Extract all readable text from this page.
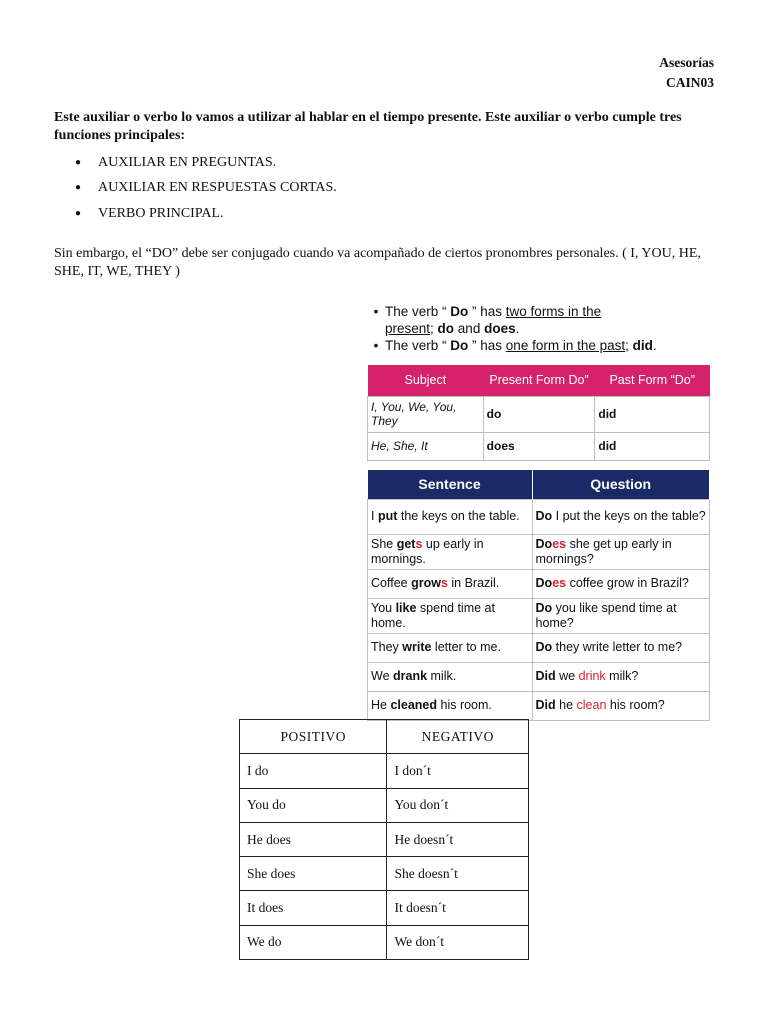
Asesorías
CAIN03

Este auxiliar o verbo lo vamos a utilizar al hablar en el tiempo presente. Este auxiliar o verbo cumple tres funciones principales:

●	AUXILIAR EN PREGUNTAS.
●	AUXILIAR EN RESPUESTAS CORTAS.
●	VERBO PRINCIPAL.

Sin embargo, el “DO” debe ser conjugado cuando va acompañado de ciertos pronombres personales. ( I, YOU, HE, SHE, IT, WE, THEY )

• The verb “ Do ” has two forms in the
present; do and does.
• The verb “ Do ” has one form in the past; did.
Subject	Present Form Do”	Past Form “Do”
I, You, We, You, They	do	did
He, She, It	does	did
Sentence	Question
I put the keys on the table.	Do I put the keys on the table?
She gets up early in mornings.	Does she get up early in mornings?
Coffee grows in Brazil.	Does coffee grow in Brazil?
You like spend time at home.	Do you like spend time at home?
They write letter to me.	Do they write letter to me?
We drank milk.	Did we drink milk?
He cleaned his room.	Did he clean his room?
POSITIVO	NEGATIVO
I do	I don´t
You do	You don´t
He does	He doesn´t
She does	She doesn´t
It does	It doesn´t
We do	We don´t
